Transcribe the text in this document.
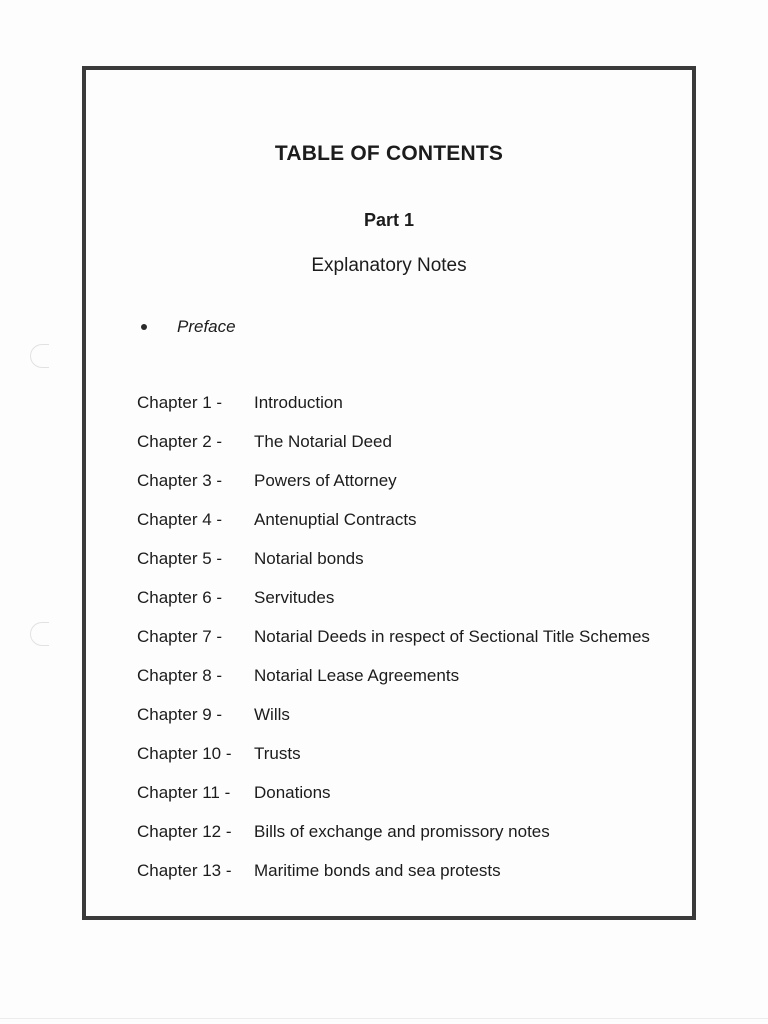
TABLE OF CONTENTS
Part 1
Explanatory Notes
Preface
Chapter 1 -	Introduction
Chapter 2 -	The Notarial Deed
Chapter 3 -	Powers of Attorney
Chapter 4 -	Antenuptial Contracts
Chapter 5 -	Notarial bonds
Chapter 6 -	Servitudes
Chapter 7 -	Notarial Deeds in respect of Sectional Title Schemes
Chapter 8 -	Notarial Lease Agreements
Chapter 9 -	Wills
Chapter 10 -	Trusts
Chapter 11 -	Donations
Chapter 12 -	Bills of exchange and promissory notes
Chapter 13 -	Maritime bonds and sea protests
